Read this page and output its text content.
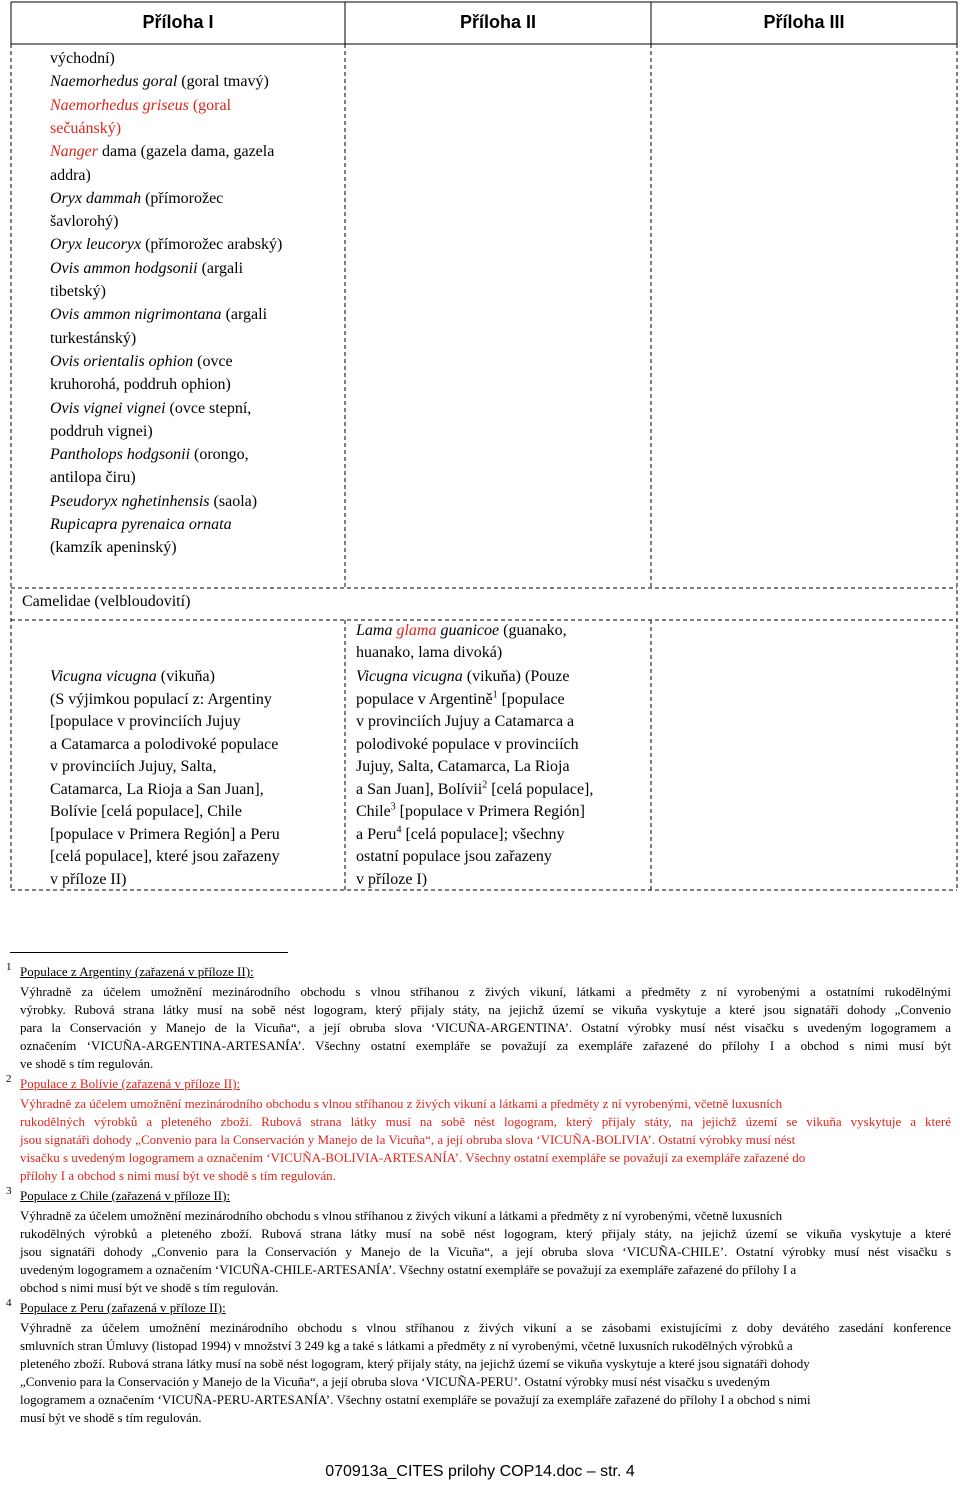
Příloha I	Příloha II	Příloha III
východní)
Naemorhedus goral (goral tmavý)
Naemorhedus griseus (goral
sečuánský)
Nanger dama (gazela dama, gazela
addra)
Oryx dammah (přímorožec
šavlorohý)
Oryx leucoryx (přímorožec arabský)
Ovis ammon hodgsonii (argali
tibetský)
Ovis ammon nigrimontana (argali
turkestánský)
Ovis orientalis ophion (ovce
kruhorohá, poddruh ophion)
Ovis vignei vignei (ovce stepní,
poddruh vignei)
Pantholops hodgsonii (orongo,
antilopa čiru)
Pseudoryx nghetinhensis (saola)
Rupicapra pyrenaica ornata
(kamzík apeninský)
Camelidae (velbloudovití)
Lama glama guanicoe (guanako,
huanako, lama divoká)
Vicugna vicugna (vikuňa)
(S výjimkou populací z: Argentiny
[populace v provinciích Jujuy
a Catamarca a polodivoké populace
v provinciích Jujuy, Salta,
Catamarca, La Rioja a San Juan],
Bolívie [celá populace], Chile
[populace v Primera Región] a Peru
[celá populace], které jsou zařazeny
v příloze II)
Vicugna vicugna (vikuňa) (Pouze
populace v Argentině$^1$ [populace
v provinciích Jujuy a Catamarca a
polodivoké populace v provinciích
Jujuy, Salta, Catamarca, La Rioja
a San Juan], Bolívii$^2$ [celá populace],
Chile$^3$ [populace v Primera Región]
a Peru$^4$ [celá populace]; všechny
ostatní populace jsou zařazeny
v příloze I)
1 Populace z Argentiny (zařazená v příloze II):
Výhradně za účelem umožnění mezinárodního obchodu s vlnou stříhanou z živých vikuní, látkami a předměty z ní vyrobenými a ostatními rukodělnými
výrobky. Rubová strana látky musí na sobě nést logogram, který přijaly státy, na jejichž území se vikuňa vyskytuje a které jsou signatáři dohody „Convenio
para la Conservación y Manejo de la Vicuña“, a její obruba slova ‘VICUÑA-ARGENTINA’. Ostatní výrobky musí nést visačku s uvedeným logogramem a
označením ‘VICUÑA-ARGENTINA-ARTESANÍA’. Všechny ostatní exempláře se považují za exempláře zařazené do přílohy I a obchod s nimi musí být
ve shodě s tím regulován.
2 Populace z Bolívie (zařazená v příloze II):
Výhradně za účelem umožnění mezinárodního obchodu s vlnou stříhanou z živých vikuní a látkami a předměty z ní vyrobenými, včetně luxusních
rukodělných výrobků a pleteného zboží. Rubová strana látky musí na sobě nést logogram, který přijaly státy, na jejichž území se vikuňa vyskytuje a které
jsou signatáři dohody „Convenio para la Conservación y Manejo de la Vicuña“, a její obruba slova ‘VICUÑA-BOLIVIA’. Ostatní výrobky musí nést
visačku s uvedeným logogramem a označením ‘VICUÑA-BOLIVIA-ARTESANÍA’. Všechny ostatní exempláře se považují za exempláře zařazené do
přílohy I a obchod s nimi musí být ve shodě s tím regulován.
3 Populace z Chile (zařazená v příloze II):
Výhradně za účelem umožnění mezinárodního obchodu s vlnou stříhanou z živých vikuní a látkami a předměty z ní vyrobenými, včetně luxusních
rukodělných výrobků a pleteného zboží. Rubová strana látky musí na sobě nést logogram, který přijaly státy, na jejichž území se vikuňa vyskytuje a které
jsou signatáři dohody „Convenio para la Conservación y Manejo de la Vicuña“, a její obruba slova ‘VICUÑA-CHILE’. Ostatní výrobky musí nést visačku s
uvedeným logogramem a označením ‘VICUÑA-CHILE-ARTESANÍA’. Všechny ostatní exempláře se považují za exempláře zařazené do přílohy I a
obchod s nimi musí být ve shodě s tím regulován.
4 Populace z Peru (zařazená v příloze II):
Výhradně za účelem umožnění mezinárodního obchodu s vlnou stříhanou z živých vikuní a se zásobami existujícími z doby devátého zasedání konference
smluvních stran Úmluvy (listopad 1994) v množství 3 249 kg a také s látkami a předměty z ní vyrobenými, včetně luxusních rukodělných výrobků a
pleteného zboží. Rubová strana látky musí na sobě nést logogram, který přijaly státy, na jejichž území se vikuňa vyskytuje a které jsou signatáři dohody
„Convenio para la Conservación y Manejo de la Vicuña“, a její obruba slova ‘VICUÑA-PERU’. Ostatní výrobky musí nést visačku s uvedeným
logogramem a označením ‘VICUÑA-PERU-ARTESANÍA’. Všechny ostatní exempláře se považují za exempláře zařazené do přílohy I a obchod s nimi
musí být ve shodě s tím regulován.
070913a_CITES prilohy COP14.doc – str. 4
